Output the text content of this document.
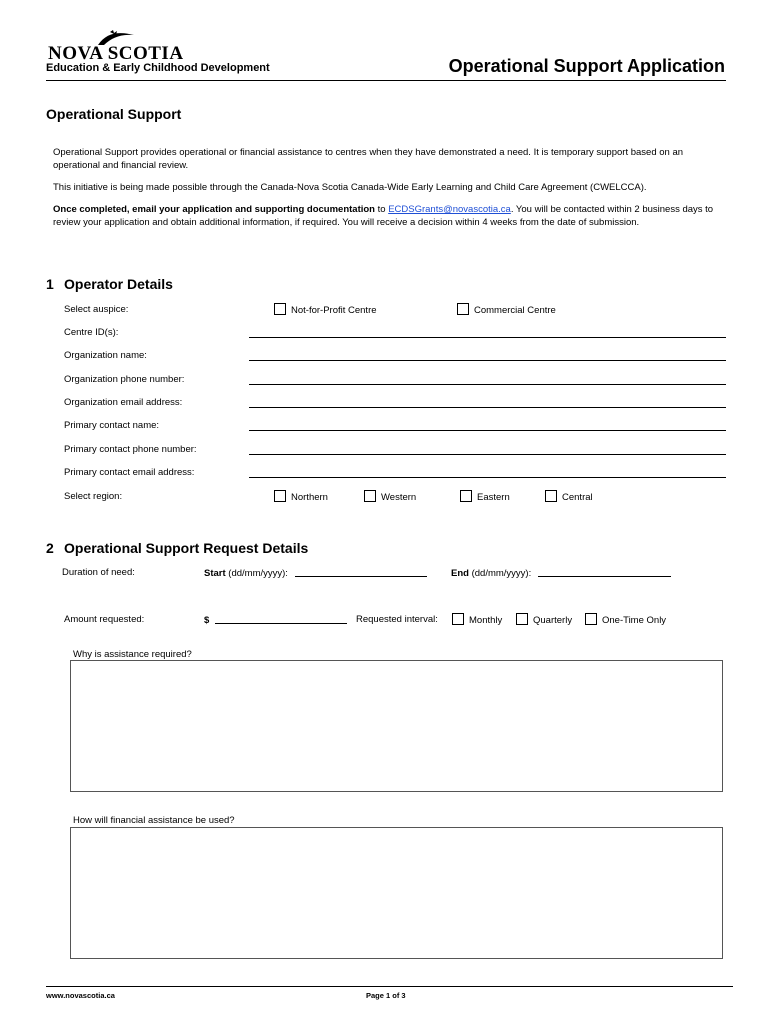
NOVA SCOTIA
Education & Early Childhood Development	Operational Support Application
Operational Support
Operational Support provides operational or financial assistance to centres when they have demonstrated a need. It is temporary support based on an operational and financial review.
This initiative is being made possible through the Canada-Nova Scotia Canada-Wide Early Learning and Child Care Agreement (CWELCCA).
Once completed, email your application and supporting documentation to ECDSGrants@novascotia.ca. You will be contacted within 2 business days to review your application and obtain additional information, if required. You will receive a decision within 4 weeks from the date of submission.
1 Operator Details
Select auspice:	Not-for-Profit Centre	Commercial Centre
Centre ID(s):
Organization name:
Organization phone number:
Organization email address:
Primary contact name:
Primary contact phone number:
Primary contact email address:
Select region:	Northern	Western	Eastern	Central
2 Operational Support Request Details
Duration of need:	Start (dd/mm/yyyy):	End (dd/mm/yyyy):
Amount requested:	$	Requested interval:	Monthly	Quarterly	One-Time Only
Why is assistance required?
How will financial assistance be used?
www.novascotia.ca	Page 1 of 3
